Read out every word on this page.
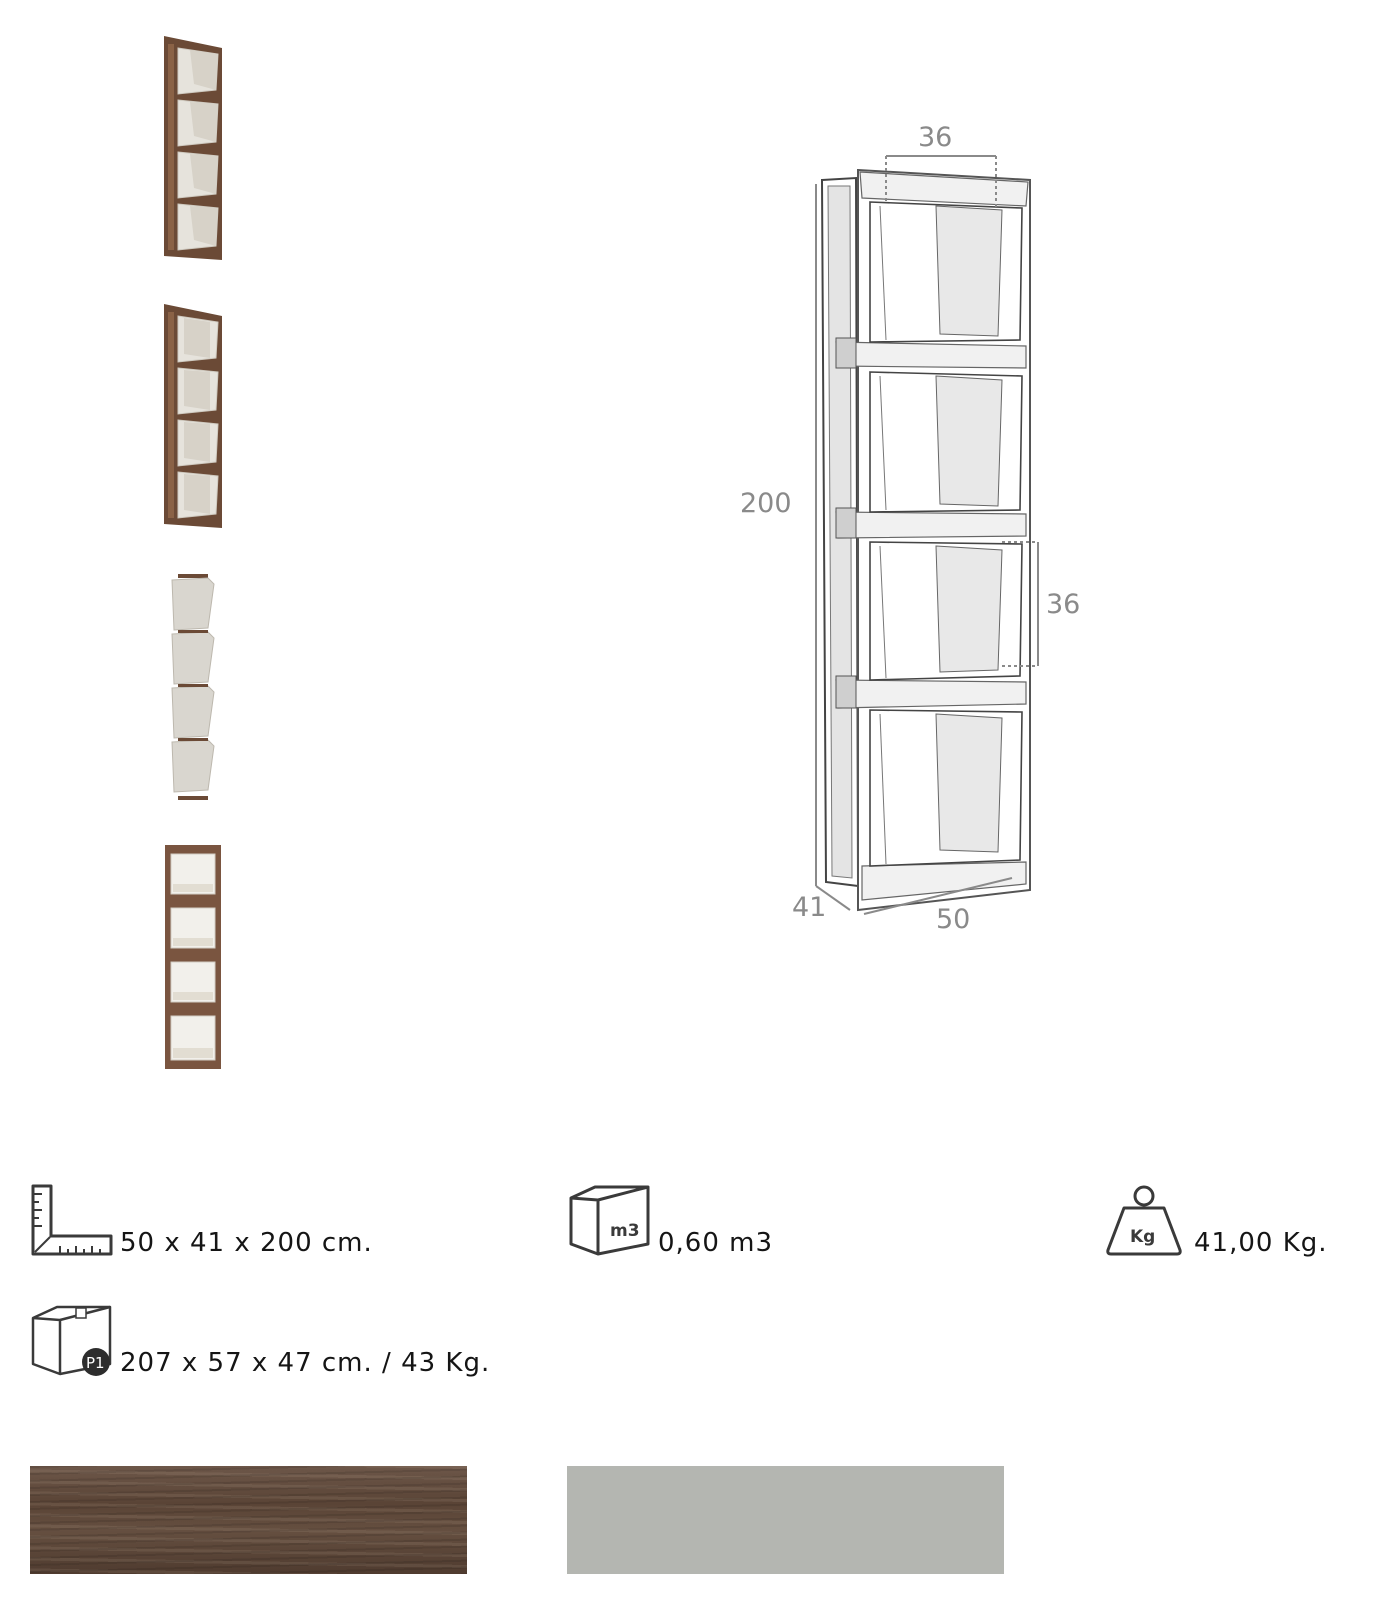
36
200
36
41	50
50 x 41 x 200 cm.	m3 0,60 m3	Kg 41,00 Kg.
P1 207 x 57 x 47 cm. / 43 Kg.
